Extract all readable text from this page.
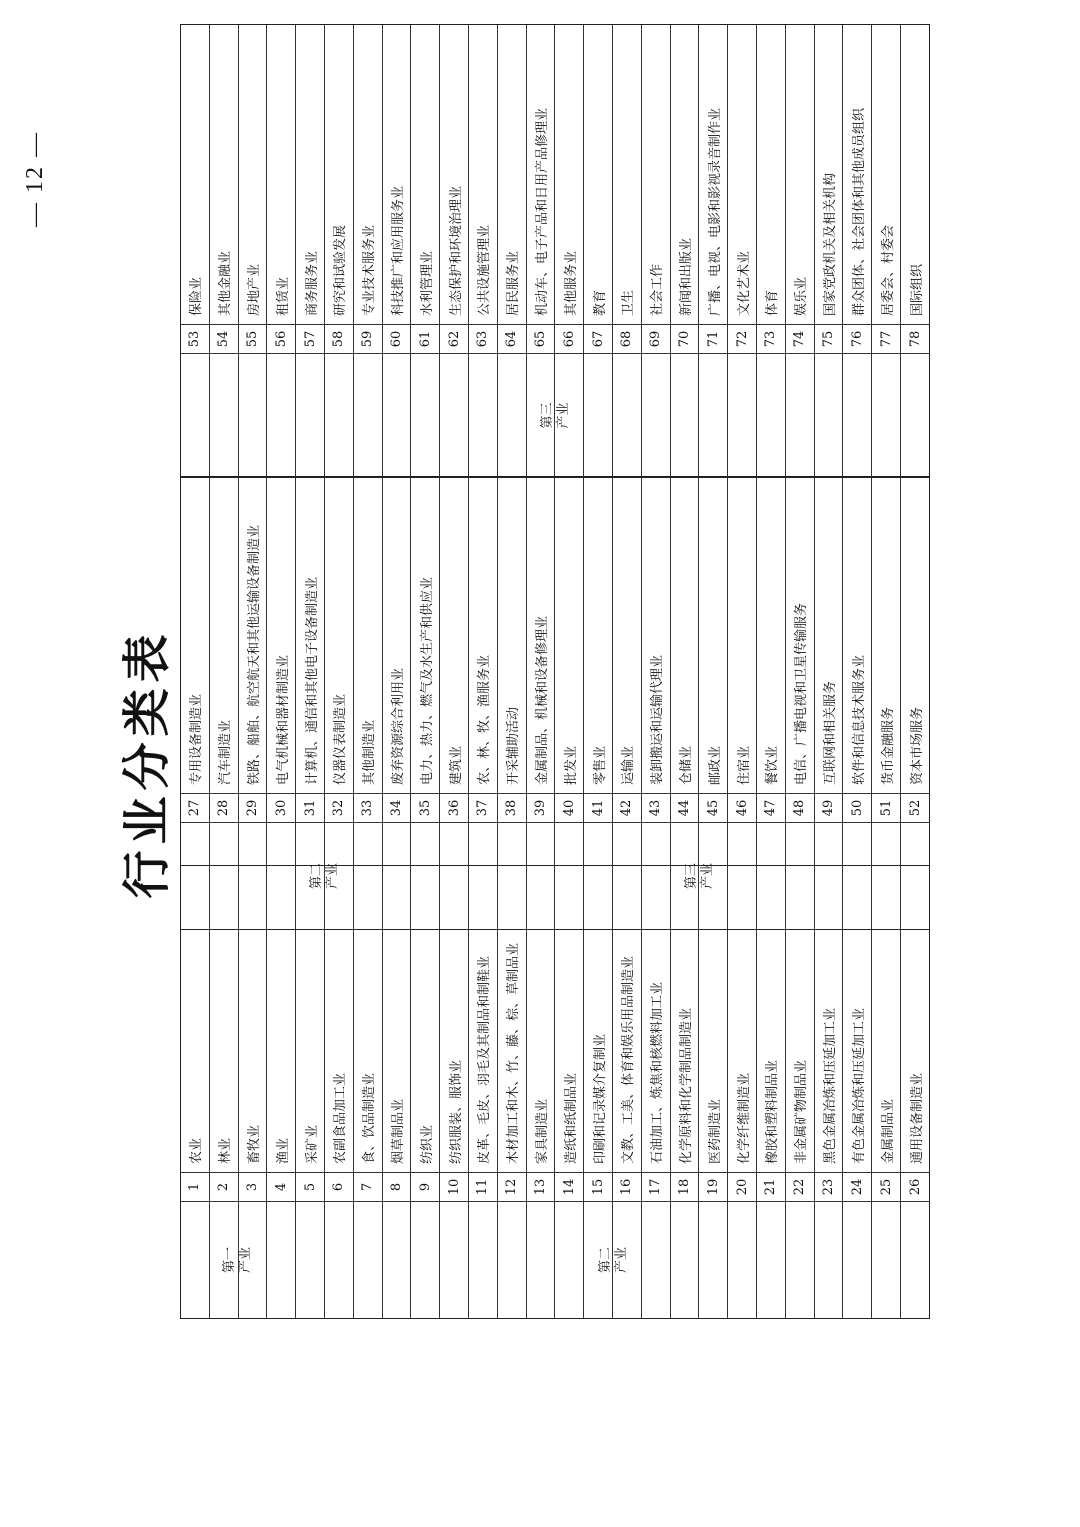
行业分类表
第一产业	第二产业
1
农业
2
林业
3
畜牧业
4
渔业
5
采矿业
6
农副食品加工业
7
食、饮品制造业
8
烟草制品业
9
纺织业
10
纺织服装、服饰业
11
皮革、毛皮、羽毛及其制品和制鞋业
12
木材加工和木、竹、藤、棕、草制品业
13
家具制造业
14
造纸和纸制品业
15
印刷和记录媒介复制业
16
文教、工美、体育和娱乐用品制造业
17
石油加工、炼焦和核燃料加工业
18
化学原料和化学制品制造业
19
医药制造业
20
化学纤维制造业
21
橡胶和塑料制品业
22
非金属矿物制品业
23
黑色金属冶炼和压延加工业
24
有色金属冶炼和压延加工业
25
金属制品业
26
通用设备制造业
第二产业	第三产业
27
专用设备制造业
28
汽车制造业
29
铁路、船舶、航空航天和其他运输设备制造业
30
电气机械和器材制造业
31
计算机、通信和其他电子设备制造业
32
仪器仪表制造业
33
其他制造业
34
废弃资源综合利用业
35
电力、热力、燃气及水生产和供应业
36
建筑业
37
农、林、牧、渔服务业
38
开采辅助活动
39
金属制品、机械和设备修理业
40
批发业
41
零售业
42
运输业
43
装卸搬运和运输代理业
44
仓储业
45
邮政业
46
住宿业
47
餐饮业
48
电信、广播电视和卫星传输服务
49
互联网和相关服务
50
软件和信息技术服务业
51
货币金融服务
52
资本市场服务
第三产业
53
保险业
54
其他金融业
55
房地产业
56
租赁业
57
商务服务业
58
研究和试验发展
59
专业技术服务业
60
科技推广和应用服务业
61
水利管理业
62
生态保护和环境治理业
63
公共设施管理业
64
居民服务业
65
机动车、电子产品和日用产品修理业
66
其他服务业
67
教育
68
卫生
69
社会工作
70
新闻和出版业
71
广播、电视、电影和影视录音制作业
72
文化艺术业
73
体育
74
娱乐业
75
国家党政机关及相关机构
76
群众团体、社会团体和其他成员组织
77
居委会、村委会
78
国际组织
— 12 —
